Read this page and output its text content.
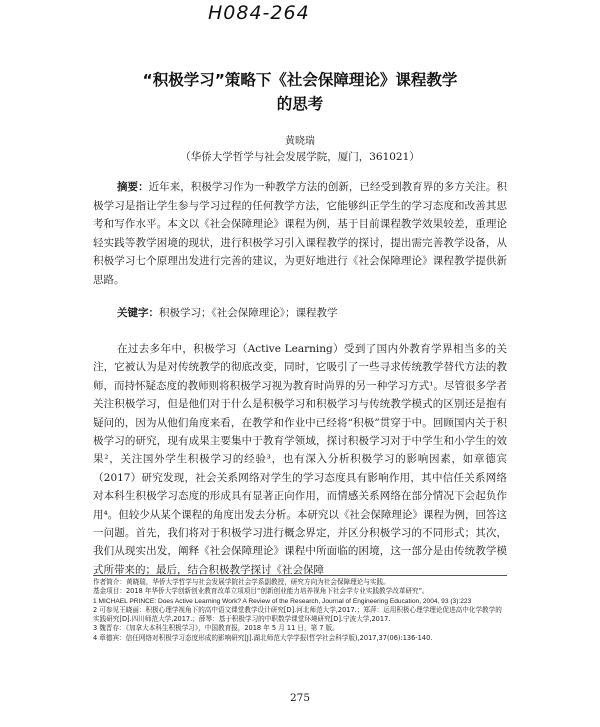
H084-264
“积极学习”策略下《社会保障理论》课程教学
的思考
黄晓瑞
（华侨大学哲学与社会发展学院，厦门，361021）

摘要：近年来，积极学习作为一种教学方法的创新，已经受到教育界的多方关注。积极学习是指让学生参与学习过程的任何教学方法，它能够纠正学生的学习态度和改善其思考和写作水平。本文以《社会保障理论》课程为例，基于目前课程教学效果较差，重理论轻实践等教学困境的现状，进行积极学习引入课程教学的探讨，提出需完善教学设备，从积极学习七个原理出发进行完善的建议，为更好地进行《社会保障理论》课程教学提供新思路。

关键字：积极学习；《社会保障理论》；课程教学

在过去多年中，积极学习（Active Learning）受到了国内外教育学界相当多的关注，它被认为是对传统教学的彻底改变，同时，它吸引了一些寻求传统教学替代方法的教师，而持怀疑态度的教师则将积极学习视为教育时尚界的另一种学习方式¹。尽管很多学者关注积极学习，但是他们对于什么是积极学习和积极学习与传统教学模式的区别还是抱有疑问的，因为从他们角度来看，在教学和作业中已经将“积极”贯穿于中。回顾国内关于积极学习的研究，现有成果主要集中于教育学领域，探讨积极学习对于中学生和小学生的效果²，关注国外学生积极学习的经验³，也有深入分析积极学习的影响因素，如章德宾（2017）研究发现，社会关系网络对学生的学习态度具有影响作用，其中信任关系网络对本科生积极学习态度的形成具有显著正向作用，而情感关系网络在部分情况下会起负作用⁴。但较少从某个课程的角度出发去分析。本研究以《社会保障理论》课程为例，回答这一问题。首先，我们将对于积极学习进行概念界定，并区分积极学习的不同形式；其次，我们从现实出发，阐释《社会保障理论》课程中所面临的困境，这一部分是由传统教学模式所带来的；最后，结合积极教学探讨《社会保障

作者简介：黄晓瑞，华侨大学哲学与社会发展学院社会学系副教授，研究方向为社会保障理论与实践。
基金项目：2018 年华侨大学创新创业教育改革立项项目“创新创业能力培养视角下社会学专业实践教学改革研究”。
1 MICHAEL PRINCE: Does Active Learning Work? A Review of the Research, Journal of Engineering Education, 2004, 93 (3):223
2 可参见王晓丽：积极心理学视角下的高中语文课堂教学设计研究[D].河北师范大学,2017.；郑萍：运用积极心理学理论促进高中化学教学的实践研究[D].四川师范大学,2017.；薛琴：基于积极学习的中职数学课堂环境研究[D].宁波大学,2017.
3 魏晋存：《加拿大本科生积极学习》，中国教育报，2018 年 5 月 11 日，第 7 版。
4 章德宾：信任网络对积极学习态度形成的影响研究[J].湖北师范大学学报(哲学社会科学版),2017,37(06):136-140.
275
